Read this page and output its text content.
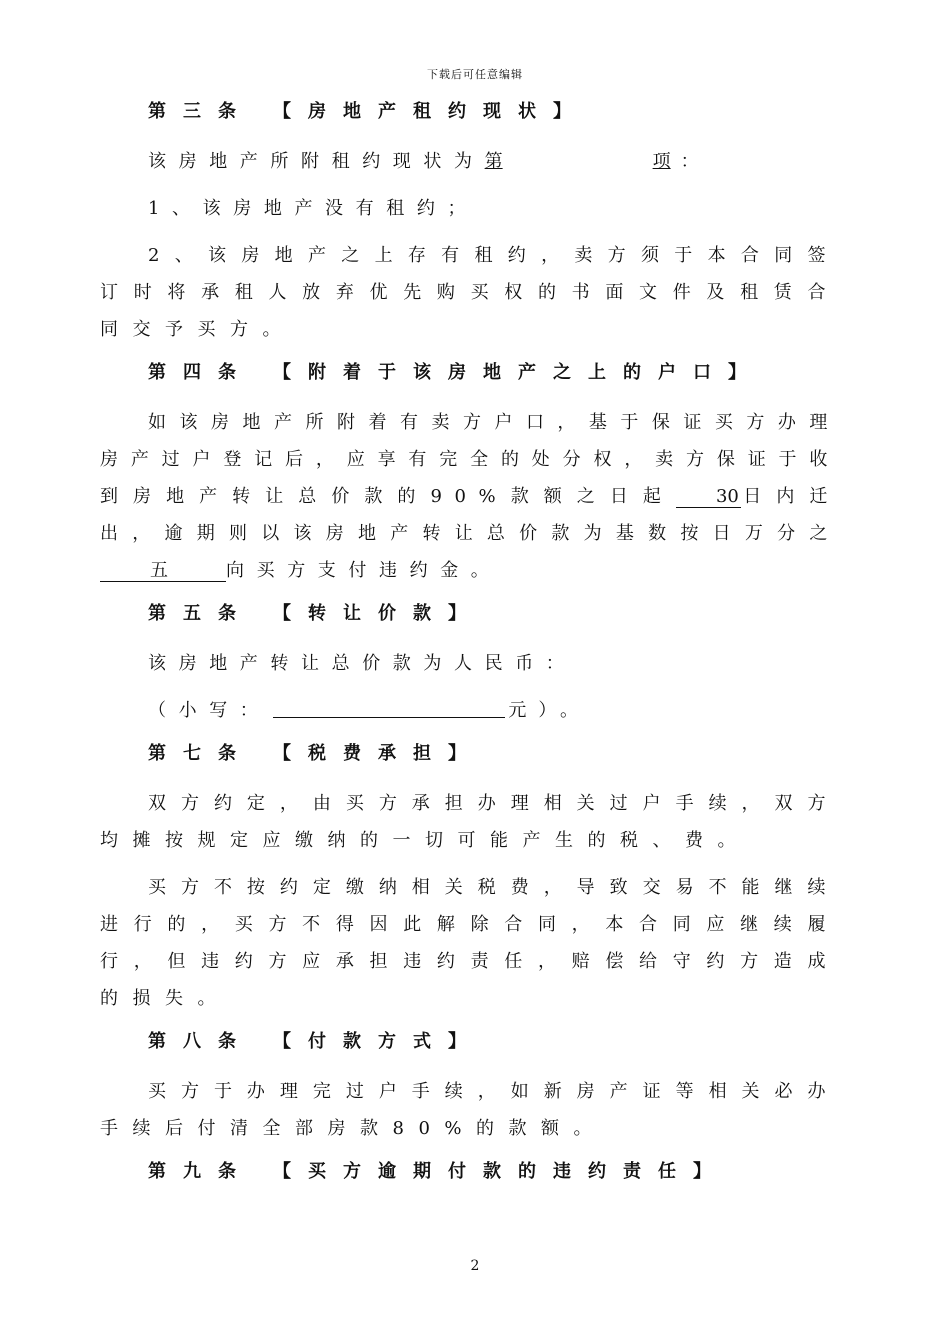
下载后可任意编辑
第三条 【房地产租约现状】
该房地产所附租约现状为第	项 ：
1、该房地产没有租约；
2、该房地产之上存有租约，卖方须于本合同签订时将承租人放弃优先购买权的书面文件及租赁合同交予买方。
第四条 【附着于该房地产之上的户口】
如该房地产所附着有卖方户口，基于保证买方办理房产过户登记后，应享有完全的处分权，卖方保证于收到房地产转让总价款的90%款额之日起 30 日内迁出，逾期则以该房地产转让总价款为基数按日万分之五	向买方支付违约金。
第五条 【转让价款】
该房地产转让总价款为人民币：
（小写：	元 ）。
第七条 【税费承担】
双方约定，由买方承担办理相关过户手续，双方均摊按规定应缴纳的一切可能产生的税、费。
买方不按约定缴纳相关税费，导致交易不能继续进行的，买方不得因此解除合同，本合同应继续履行，但违约方应承担违约责任，赔偿给守约方造成的损失。
第八条 【付款方式】
买方于办理完过户手续，如新房产证等相关必办手续后付清全部房款80%的款额。
第九条 【买方逾期付款的违约责任】
2
